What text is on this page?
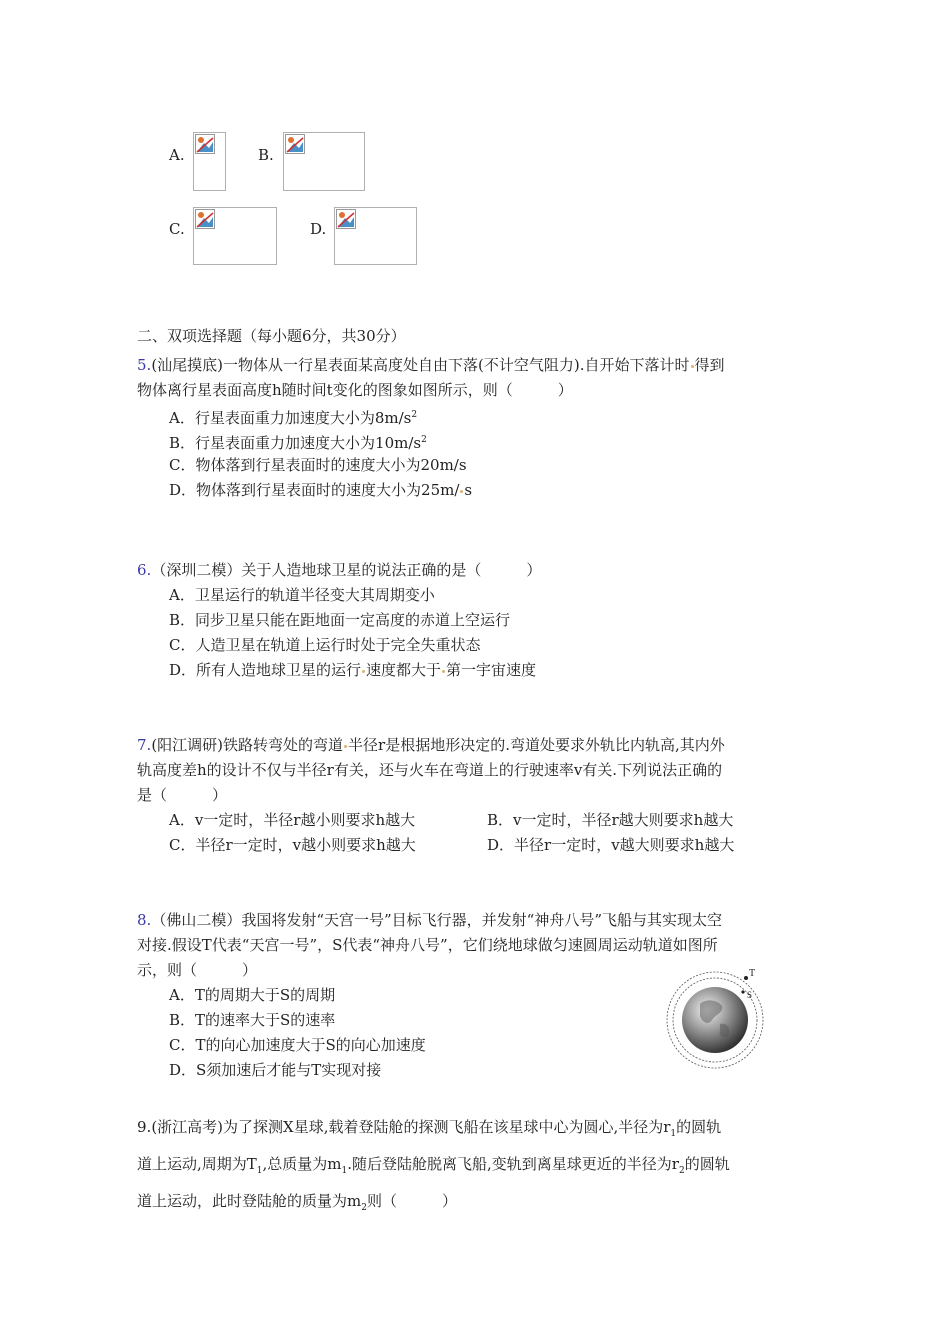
A.	B.
C.	D.
二、双项选择题（每小题6分，共30分）
5.(汕尾摸底)一物体从一行星表面某高度处自由下落(不计空气阻力).自开始下落计时 得到
物体离行星表面高度h随时间t变化的图象如图所示，则（　　　）
A．行星表面重力加速度大小为$8m/s^2$
B．行星表面重力加速度大小为$10m/s^2$
C．物体落到行星表面时的速度大小为20m/s
D．物体落到行星表面时的速度大小为25m/ s
6.（深圳二模）关于人造地球卫星的说法正确的是（　　　）
A．卫星运行的轨道半径变大其周期变小
B．同步卫星只能在距地面一定高度的赤道上空运行
C．人造卫星在轨道上运行时处于完全失重状态
D．所有人造地球卫星的运行 速度都大于 第一宇宙速度
7.(阳江调研)铁路转弯处的弯道 半径r是根据地形决定的.弯道处要求外轨比内轨高,其内外
轨高度差h的设计不仅与半径r有关，还与火车在弯道上的行驶速率v有关.下列说法正确的
是（　　　）
A．v一定时，半径r越小则要求h越大	B．v一定时，半径r越大则要求h越大
C．半径r一定时，v越小则要求h越大	D．半径r一定时，v越大则要求h越大
8.（佛山二模）我国将发射“天宫一号”目标飞行器，并发射“神舟八号”飞船与其实现太空
对接.假设T代表“天宫一号”，S代表“神舟八号”，它们绕地球做匀速圆周运动轨道如图所
示，则（　　　）
A．T的周期大于S的周期
B．T的速率大于S的速率
C．T的向心加速度大于S的向心加速度
D．S须加速后才能与T实现对接
T
S
9.(浙江高考)为了探测X星球,载着登陆舱的探测飞船在该星球中心为圆心,半径为$r_1$的圆轨
道上运动,周期为$T_1$,总质量为$m_1$.随后登陆舱脱离飞船,变轨到离星球更近的半径为$r_2$的圆轨
道上运动，此时登陆舱的质量为$m_2$则（　　　）
